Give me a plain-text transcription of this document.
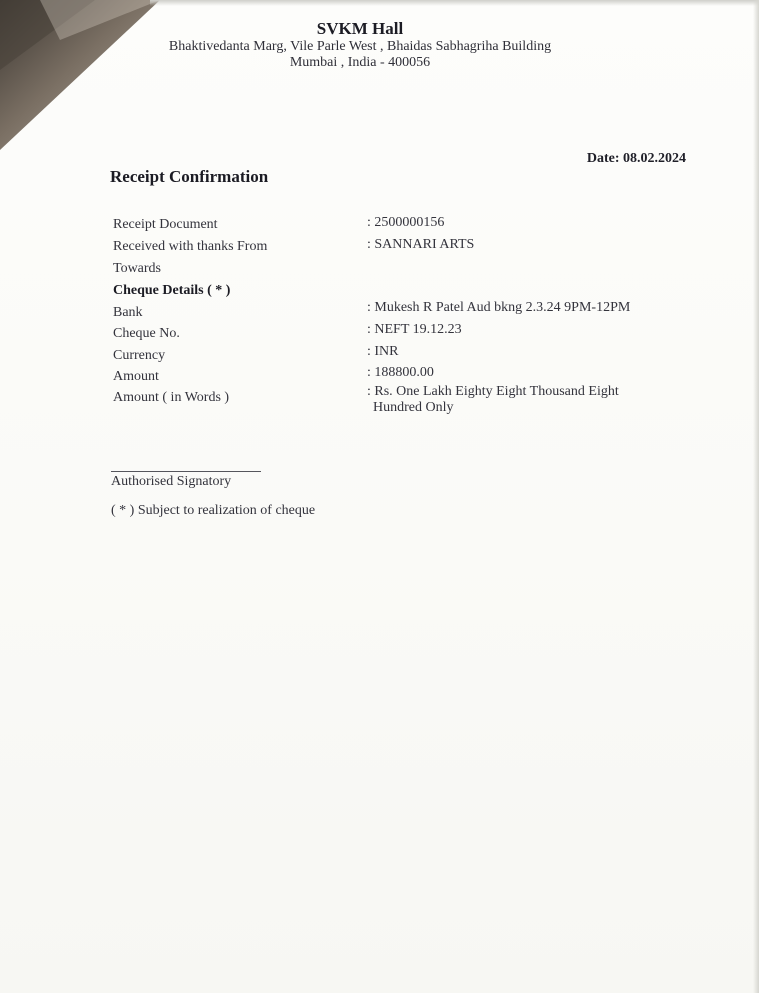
SVKM Hall
Bhaktivedanta Marg, Vile Parle West , Bhaidas Sabhagriha Building
Mumbai , India - 400056
Date: 08.02.2024
Receipt Confirmation
Receipt Document	: 2500000156
Received with thanks From	: SANNARI ARTS
Towards
Cheque Details ( * )
Bank	: Mukesh R Patel Aud bkng 2.3.24 9PM-12PM
Cheque No.	: NEFT 19.12.23
Currency	: INR
Amount	: 188800.00
Amount ( in Words )	: Rs. One Lakh Eighty Eight Thousand Eight
Hundred Only
Authorised Signatory
( * ) Subject to realization of cheque
